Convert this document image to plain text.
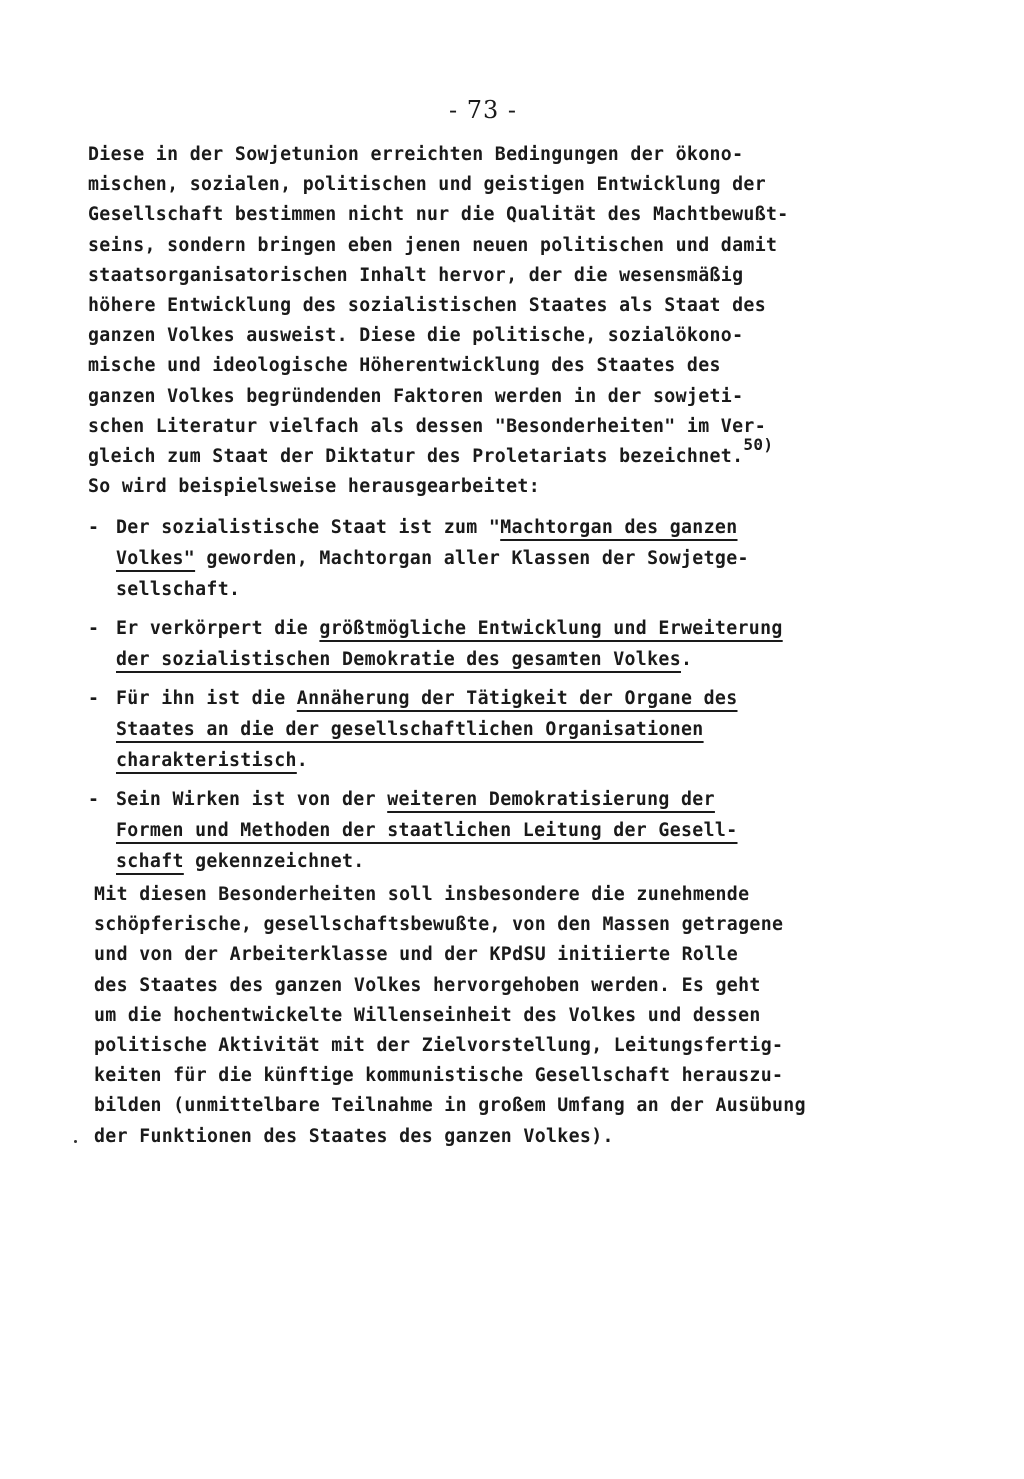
- 73 -

Diese in der Sowjetunion erreichten Bedingungen der ökono-
mischen, sozialen, politischen und geistigen Entwicklung der
Gesellschaft bestimmen nicht nur die Qualität des Machtbewußt-
seins, sondern bringen eben jenen neuen politischen und damit
staatsorganisatorischen Inhalt hervor, der die wesensmäßig
höhere Entwicklung des sozialistischen Staates als Staat des
ganzen Volkes ausweist. Diese die politische, sozialökono-
mische und ideologische Höherentwicklung des Staates des
ganzen Volkes begründenden Faktoren werden in der sowjeti-
schen Literatur vielfach als dessen "Besonderheiten" im Ver-
gleich zum Staat der Diktatur des Proletariats bezeichnet.50)
So wird beispielsweise herausgearbeitet:

- Der sozialistische Staat ist zum "Machtorgan des ganzen
Volkes" geworden, Machtorgan aller Klassen der Sowjetge-
sellschaft.
- Er verkörpert die größtmögliche Entwicklung und Erweiterung
der sozialistischen Demokratie des gesamten Volkes.
- Für ihn ist die Annäherung der Tätigkeit der Organe des
Staates an die der gesellschaftlichen Organisationen
charakteristisch.
- Sein Wirken ist von der weiteren Demokratisierung der
Formen und Methoden der staatlichen Leitung der Gesell-
schaft gekennzeichnet.

Mit diesen Besonderheiten soll insbesondere die zunehmende
schöpferische, gesellschaftsbewußte, von den Massen getragene
und von der Arbeiterklasse und der KPdSU initiierte Rolle
des Staates des ganzen Volkes hervorgehoben werden. Es geht
um die hochentwickelte Willenseinheit des Volkes und dessen
politische Aktivität mit der Zielvorstellung, Leitungsfertig-
keiten für die künftige kommunistische Gesellschaft herauszu-
bilden (unmittelbare Teilnahme in großem Umfang an der Ausübung
der Funktionen des Staates des ganzen Volkes).
